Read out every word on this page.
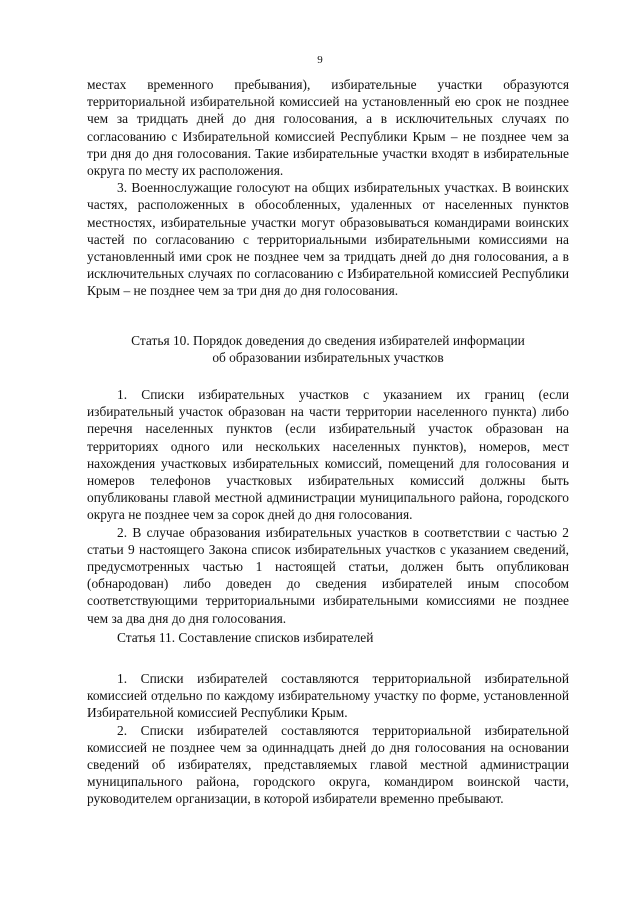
9

местах временного пребывания), избирательные участки образуются территориальной избирательной комиссией на установленный ею срок не позднее чем за тридцать дней до дня голосования, а в исключительных случаях по согласованию с Избирательной комиссией Республики Крым – не позднее чем за три дня до дня голосования. Такие избирательные участки входят в избирательные округа по месту их расположения.

3. Военнослужащие голосуют на общих избирательных участках. В воинских частях, расположенных в обособленных, удаленных от населенных пунктов местностях, избирательные участки могут образовываться командирами воинских частей по согласованию с территориальными избирательными комиссиями на установленный ими срок не позднее чем за тридцать дней до дня голосования, а в исключительных случаях по согласованию с Избирательной комиссией Республики Крым – не позднее чем за три дня до дня голосования.

Статья 10. Порядок доведения до сведения избирателей информации

об образовании избирательных участков

1. Списки избирательных участков с указанием их границ (если избирательный участок образован на части территории населенного пункта) либо перечня населенных пунктов (если избирательный участок образован на территориях одного или нескольких населенных пунктов), номеров, мест нахождения участковых избирательных комиссий, помещений для голосования и номеров телефонов участковых избирательных комиссий должны быть опубликованы главой местной администрации муниципального района, городского округа не позднее чем за сорок дней до дня голосования.

2. В случае образования избирательных участков в соответствии с частью 2 статьи 9 настоящего Закона список избирательных участков с указанием сведений, предусмотренных частью 1 настоящей статьи, должен быть опубликован (обнародован) либо доведен до сведения избирателей иным способом соответствующими территориальными избирательными комиссиями не позднее чем за два дня до дня голосования.

Статья 11. Составление списков избирателей

1. Списки избирателей составляются территориальной избирательной комиссией отдельно по каждому избирательному участку по форме, установленной Избирательной комиссией Республики Крым.

2. Списки избирателей составляются территориальной избирательной комиссией не позднее чем за одиннадцать дней до дня голосования на основании сведений об избирателях, представляемых главой местной администрации муниципального района, городского округа, командиром воинской части, руководителем организации, в которой избиратели временно пребывают.
